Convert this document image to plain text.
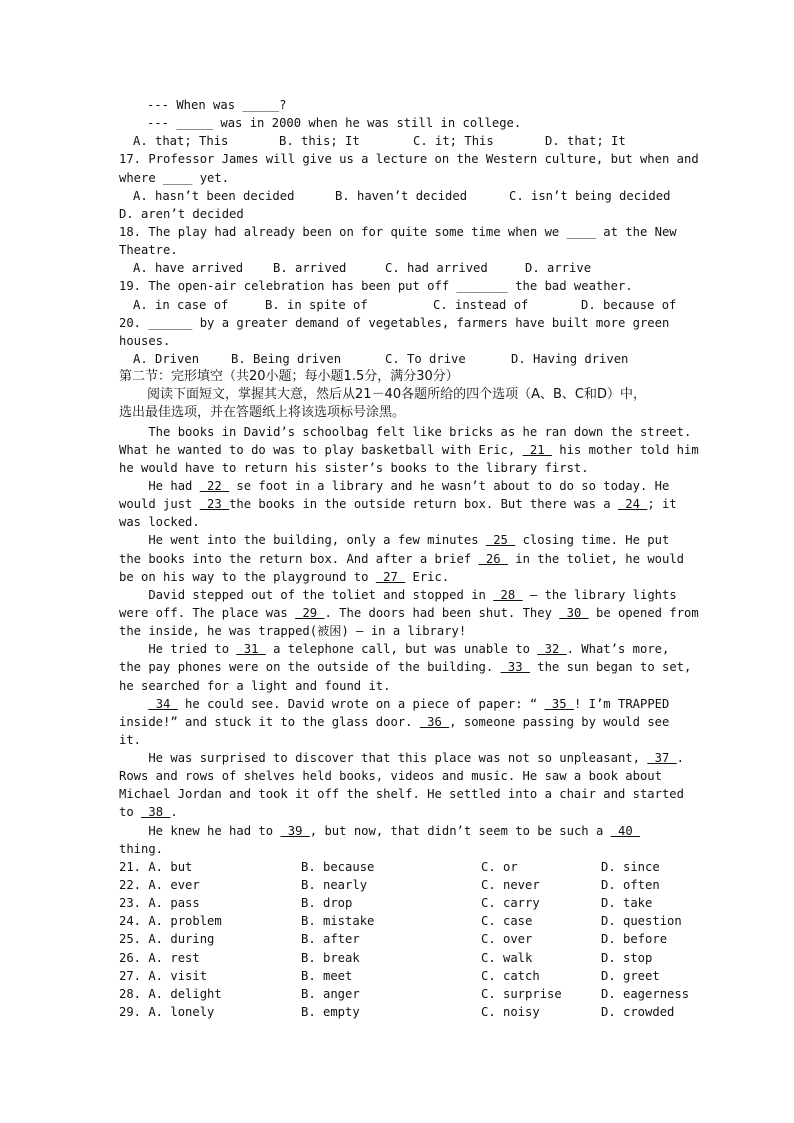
--- When was _____?
--- _____ was in 2000 when he was still in college.

A. that; This

	B. this; It

	C. it; This

	D. that; It

17. Professor James will give us a lecture on the Western culture, but when and
where ____ yet.

A. hasn’t been decided

	B. haven’t decided

	C. isn’t being decided

D. aren’t decided
18. The play had already been on for quite some time when we ____ at the New
Theatre.

A. have arrived

B. arrived

	C. had arrived

	D. arrive

19. The open-air celebration has been put off _______ the bad weather.

A. in case of

	B. in spite of

	C. instead of

	D. because of

20. ______ by a greater demand of vegetables, farmers have built more green
houses.

A. Driven

	B. Being driven

	C. To drive

	D. Having driven

第二节：完形填空（共20小题；每小题1.5分，满分30分）
阅读下面短文，掌握其大意，然后从21－40各题所给的四个选项（A、B、C和D）中，
选出最佳选项，并在答题纸上将该选项标号涂黑。
The books in David’s schoolbag felt like bricks as he ran down the street.
What he wanted to do was to play basketball with Eric,  21  his mother told him
he would have to return his sister’s books to the library first.
He had  22  se foot in a library and he wasn’t about to do so today. He
would just  23 the books in the outside return box. But there was a  24 ; it
was locked.
He went into the building, only a few minutes  25  closing time. He put
the books into the return box. And after a brief  26  in the toliet, he would
be on his way to the playground to  27  Eric.
David stepped out of the toliet and stopped in  28  — the library lights
were off. The place was  29 . The doors had been shut. They  30  be opened from
the inside, he was trapped(被困) — in a library!
He tried to  31  a telephone call, but was unable to  32 . What’s more,
the pay phones were on the outside of the building.  33  the sun began to set,
he searched for a light and found it.
34  he could see. David wrote on a piece of paper: “  35 ! I’m TRAPPED
inside!” and stuck it to the glass door.  36 , someone passing by would see
it.
He was surprised to discover that this place was not so unpleasant,  37 .
Rows and rows of shelves held books, videos and music. He saw a book about
Michael Jordan and took it off the shelf. He settled into a chair and started
to  38 .
He knew he had to  39 , but now, that didn’t seem to be such a  40
thing.
21. A. but	B. because	C. or	D. since
22. A. ever	B. nearly	C. never	D. often
23. A. pass	B. drop	C. carry	D. take
24. A. problem	B. mistake	C. case	D. question
25. A. during	B. after	C. over	D. before
26. A. rest	B. break	C. walk	D. stop
27. A. visit	B. meet	C. catch	D. greet
28. A. delight	B. anger	C. surprise	D. eagerness
29. A. lonely	B. empty	C. noisy	D. crowded
